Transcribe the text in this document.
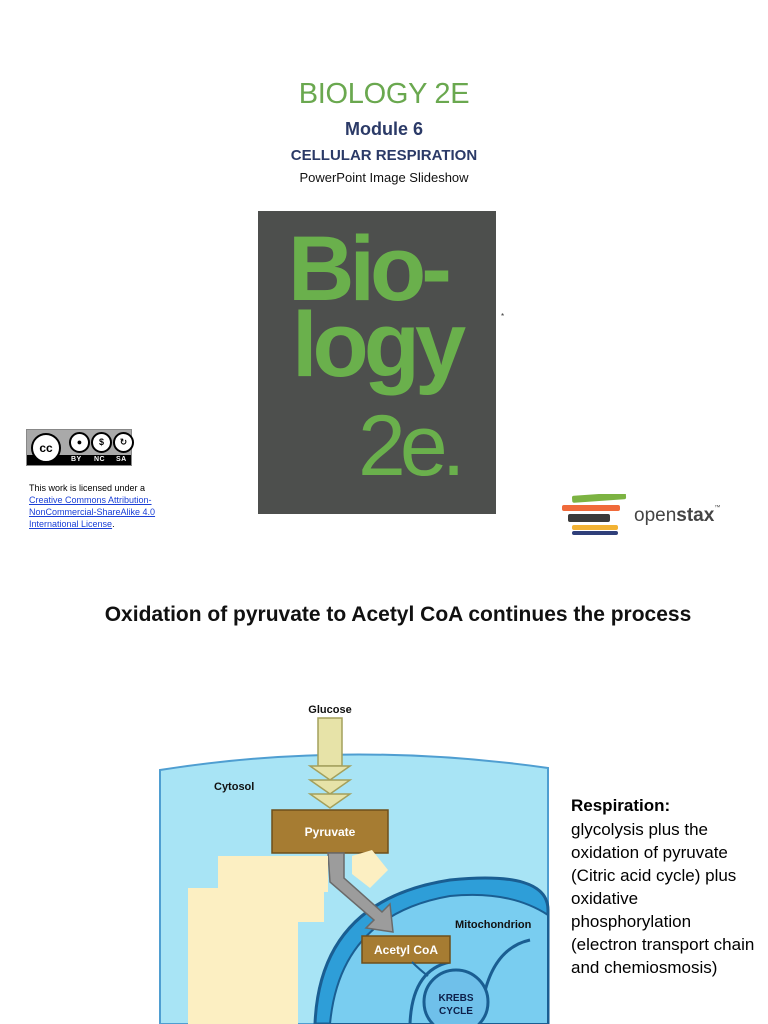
BIOLOGY 2E
Module 6
CELLULAR RESPIRATION
PowerPoint Image Slideshow
Bio-
logy
2e.
*
cc	●	$	↻
BY NC SA
This work is licensed under a
Creative Commons Attribution-NonCommercial-ShareAlike 4.0 International License.	openstax™
Oxidation of pyruvate to Acetyl CoA continues the process
Glucose
Cytosol
Pyruvate
Mitochondrion
Acetyl CoA
KREBS
CYCLE
Respiration:
glycolysis plus the oxidation of pyruvate (Citric acid cycle) plus oxidative phosphorylation (electron transport chain and chemiosmosis)
